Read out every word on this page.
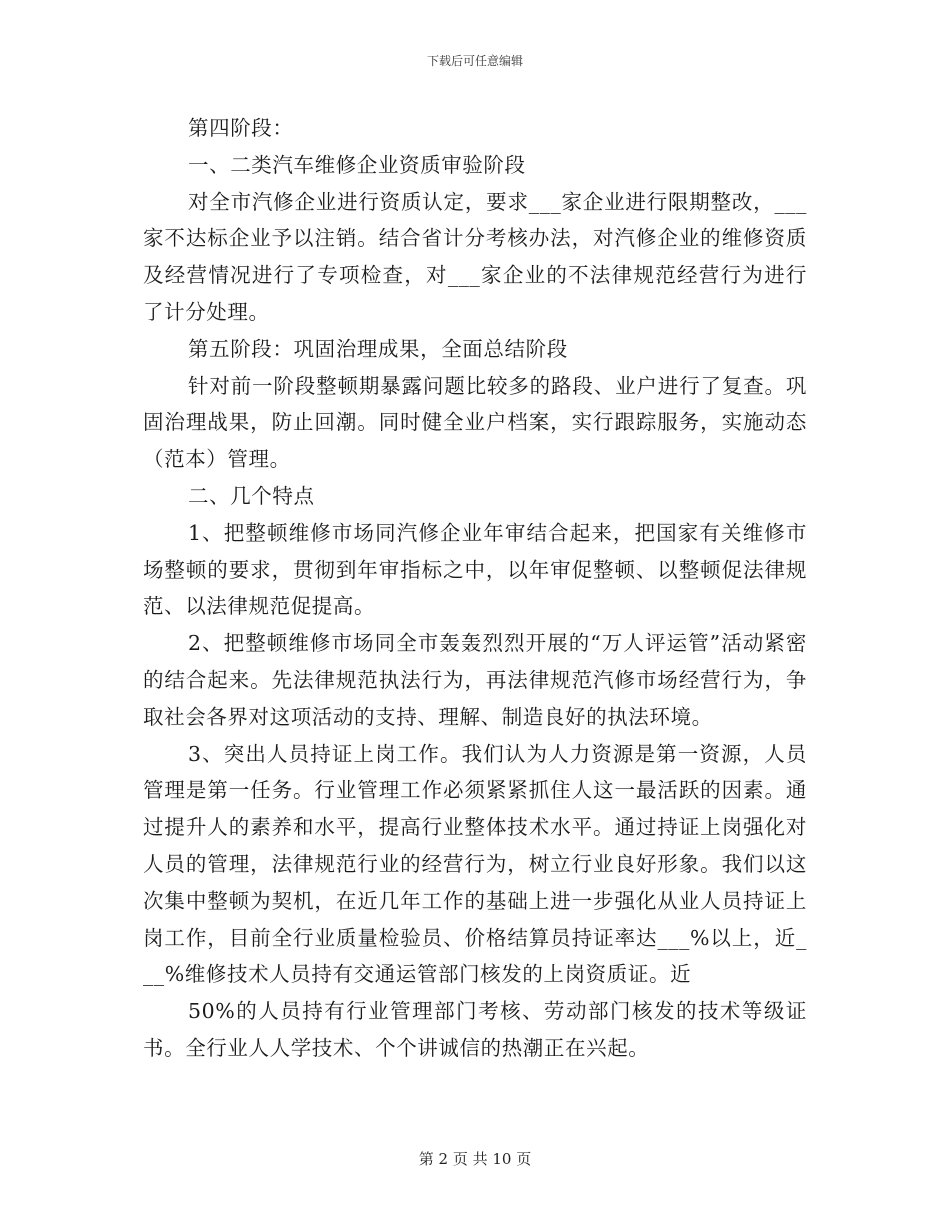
下载后可任意编辑

第四阶段：

一、二类汽车维修企业资质审验阶段

对全市汽修企业进行资质认定，要求___家企业进行限期整改，___家不达标企业予以注销。结合省计分考核办法，对汽修企业的维修资质及经营情况进行了专项检查，对___家企业的不法律规范经营行为进行了计分处理。

第五阶段：巩固治理成果，全面总结阶段

针对前一阶段整顿期暴露问题比较多的路段、业户进行了复查。巩固治理战果，防止回潮。同时健全业户档案，实行跟踪服务，实施动态（范本）管理。

二、几个特点

1、把整顿维修市场同汽修企业年审结合起来，把国家有关维修市场整顿的要求，贯彻到年审指标之中，以年审促整顿、以整顿促法律规范、以法律规范促提高。

2、把整顿维修市场同全市轰轰烈烈开展的“万人评运管”活动紧密的结合起来。先法律规范执法行为，再法律规范汽修市场经营行为，争取社会各界对这项活动的支持、理解、制造良好的执法环境。

3、突出人员持证上岗工作。我们认为人力资源是第一资源，人员管理是第一任务。行业管理工作必须紧紧抓住人这一最活跃的因素。通过提升人的素养和水平，提高行业整体技术水平。通过持证上岗强化对人员的管理，法律规范行业的经营行为，树立行业良好形象。我们以这次集中整顿为契机，在近几年工作的基础上进一步强化从业人员持证上岗工作，目前全行业质量检验员、价格结算员持证率达___%以上，近___%维修技术人员持有交通运管部门核发的上岗资质证。近

50%的人员持有行业管理部门考核、劳动部门核发的技术等级证书。全行业人人学技术、个个讲诚信的热潮正在兴起。

第 2 页 共 10 页
